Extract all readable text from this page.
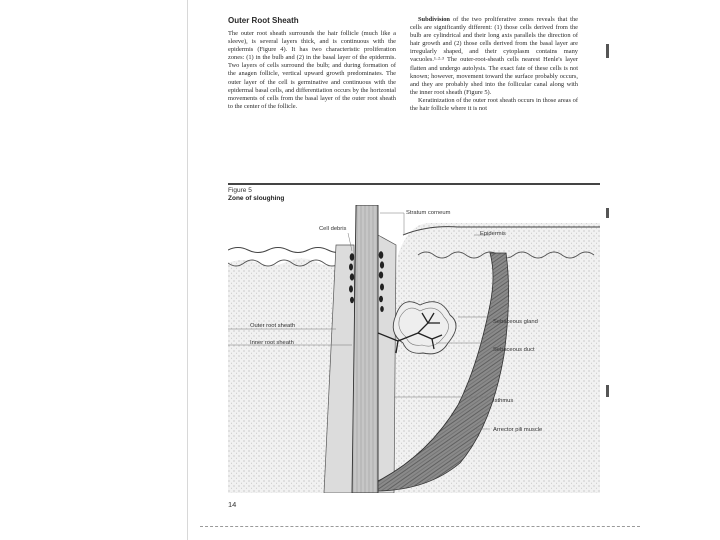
Outer Root Sheath

The outer root sheath surrounds the hair follicle (much like a sleeve), is several layers thick, and is continuous with the epidermis (Figure 4). It has two characteristic proliferation zones: (1) in the bulb and (2) in the basal layer of the epidermis. Two layers of cells surround the bulb; and during formation of the anagen follicle, vertical upward growth predominates. The outer layer of the cell is germinative and continuous with the epidermal basal cells, and differentiation occurs by the horizontal movements of cells from the basal layer of the outer root sheath to the center of the follicle.

Subdivision of the two proliferative zones reveals that the cells are significantly different: (1) those cells derived from the bulb are cylindrical and their long axis parallels the direction of hair growth and (2) those cells derived from the basal layer are irregularly shaped, and their cytoplasm contains many vacuoles.¹·²·³ The outer-root-sheath cells nearest Henle's layer flatten and undergo autolysis. The exact fate of these cells is not known; however, movement toward the surface probably occurs, and they are probably shed into the follicular canal along with the inner root sheath (Figure 5).

Keratinization of the outer root sheath occurs in those areas of the hair follicle where it is not

Figure 5
Zone of sloughing
Cell debris
Stratum corneum
Epidermis
Outer root sheath
Inner root sheath
Sebaceous gland
Sebaceous duct
Isthmus
Arrector pili muscle
14
